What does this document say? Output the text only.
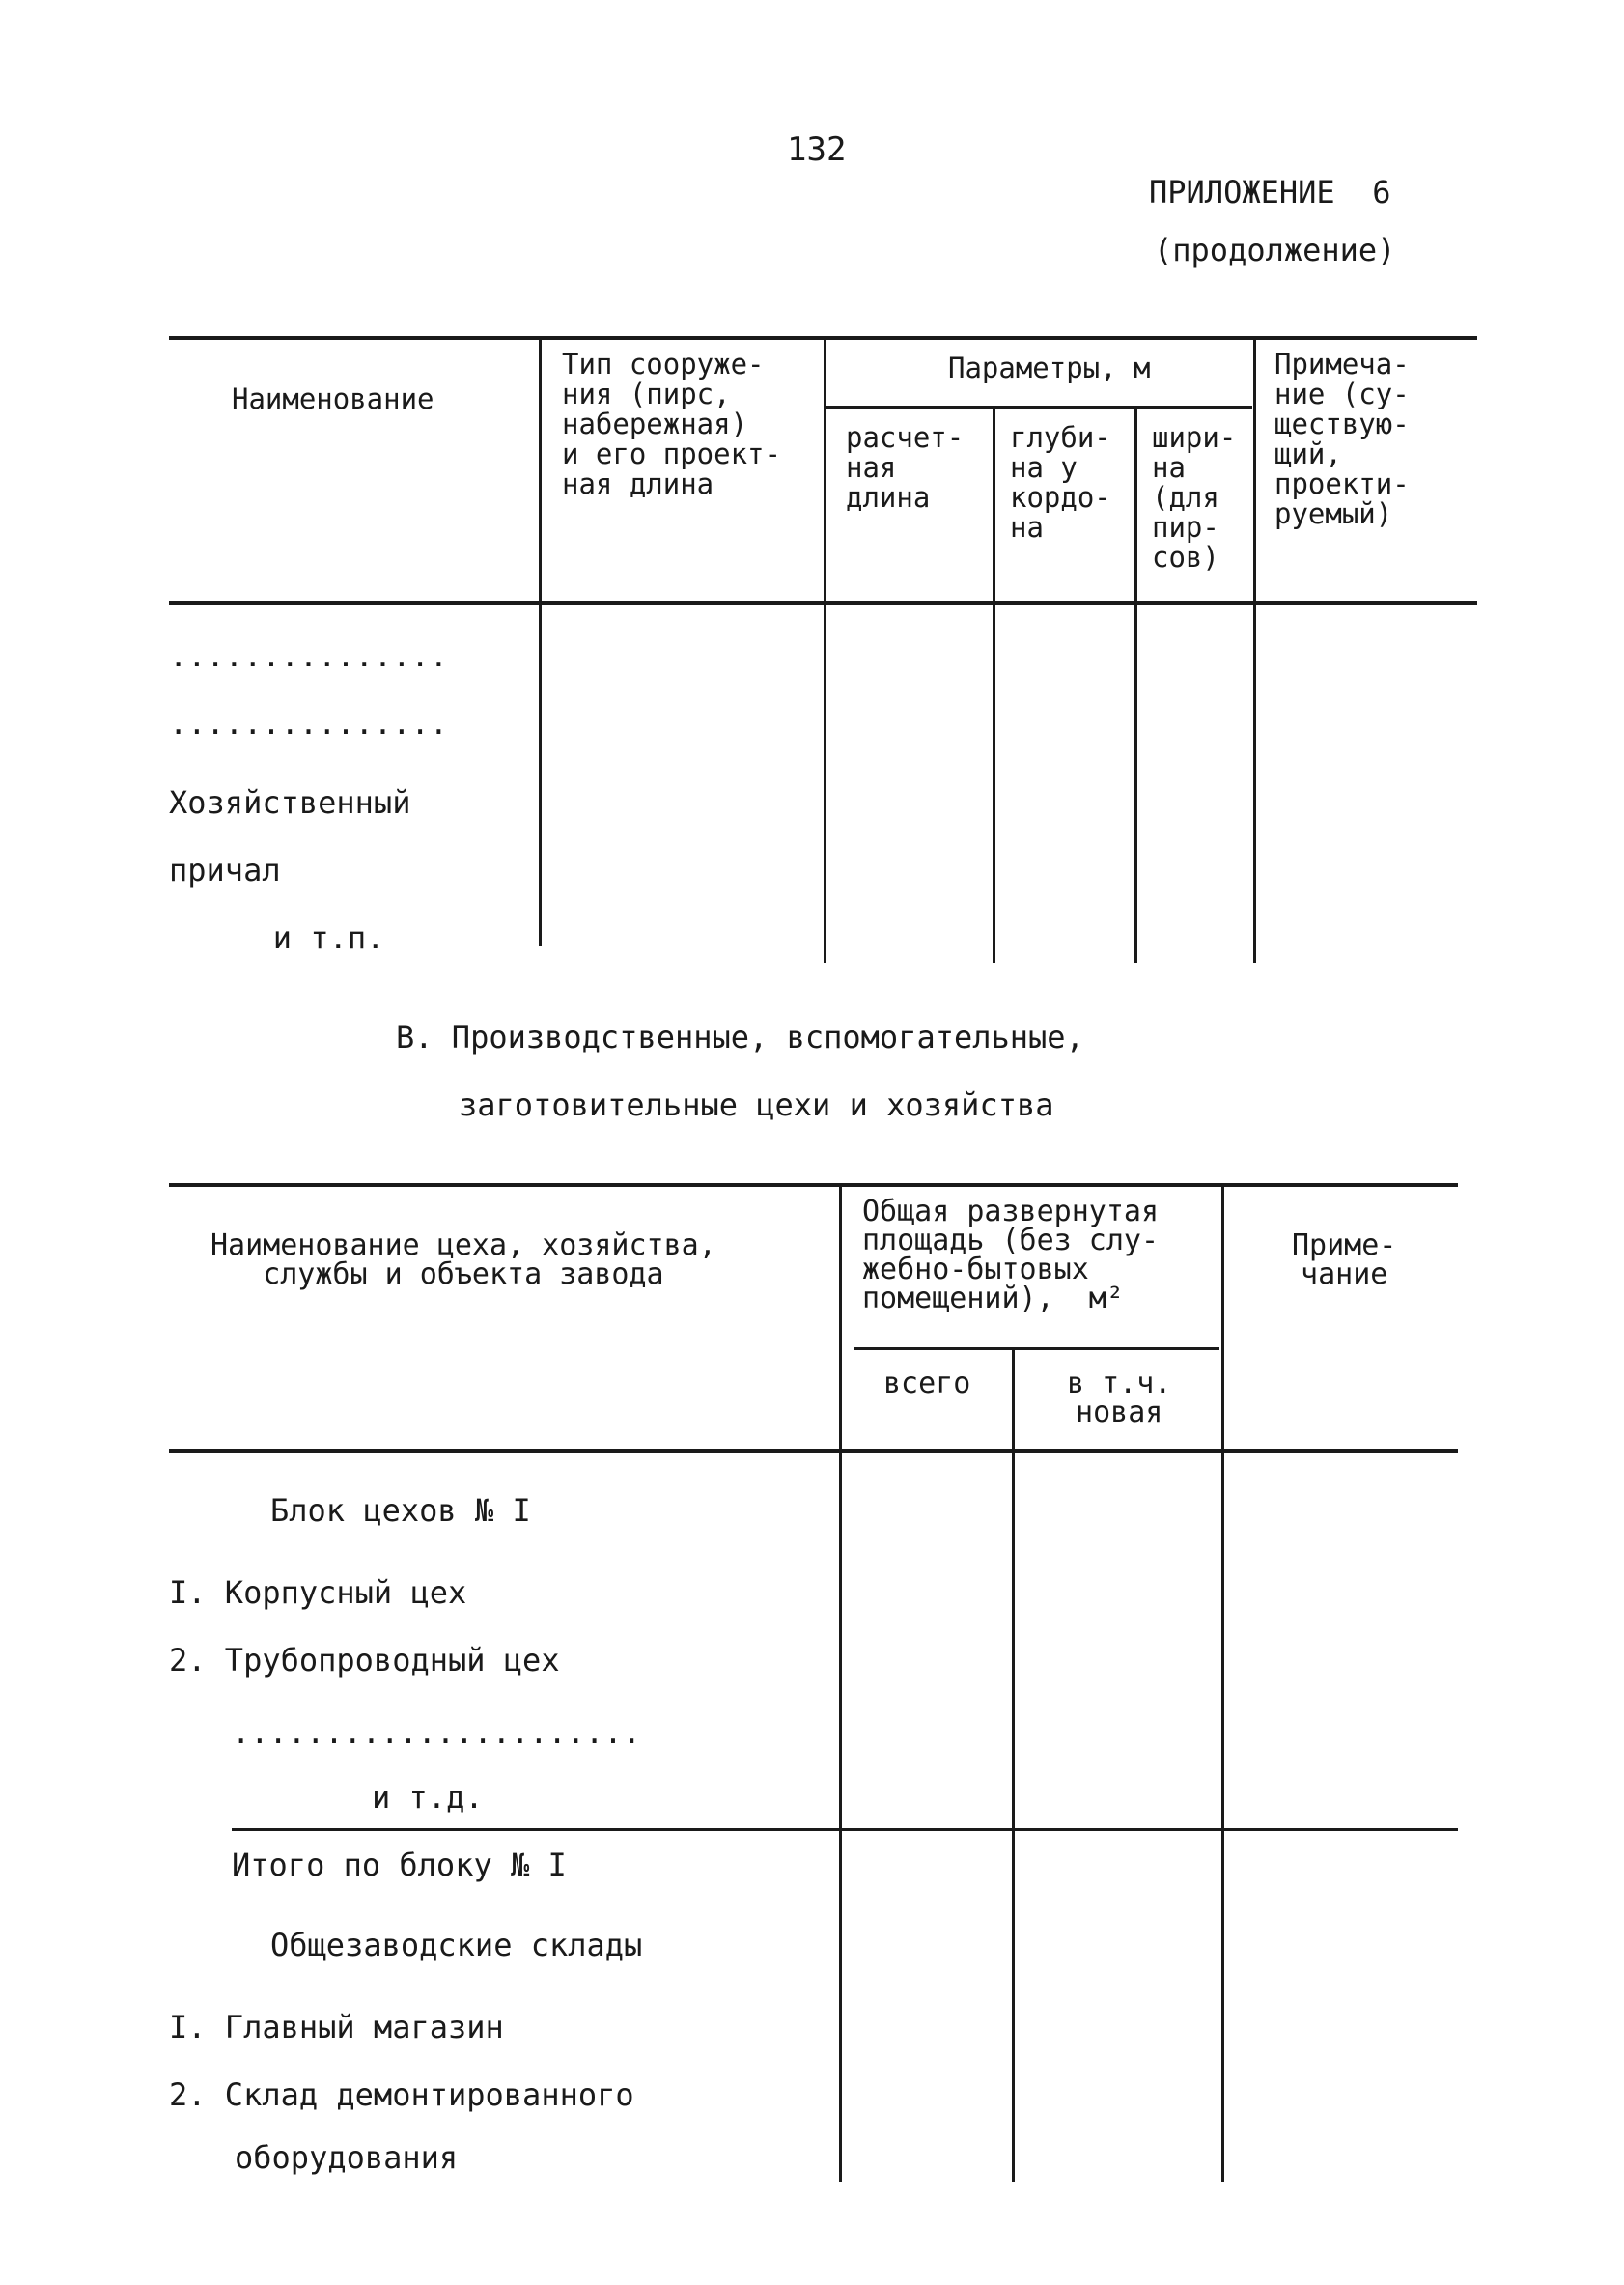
132
ПРИЛОЖЕНИЕ  6
(продолжение)
Наименование
Тип сооруже-
ния (пирс,
набережная)
и его проект-
ная длина
Параметры, м
расчет-
ная
длина
глуби-
на у
кордо-
на
шири-
на
(для
пир-
сов)
Примеча-
ние (су-
ществую-
щий,
проекти-
руемый)
...............
...............
Хозяйственный
причал
и т.п.
В. Производственные, вспомогательные,
заготовительные цехи и хозяйства
Наименование цеха, хозяйства,
службы и объекта завода
Общая развернутая
площадь (без слу-
жебно-бытовых
помещений),  м²
всего	в т.ч.
новая
Приме-
чание
Блок цехов № I
I. Корпусный цех
2. Трубопроводный цех
......................
и т.д.
Итого по блоку № I
Общезаводские склады
I. Главный магазин
2. Склад демонтированного
оборудования
